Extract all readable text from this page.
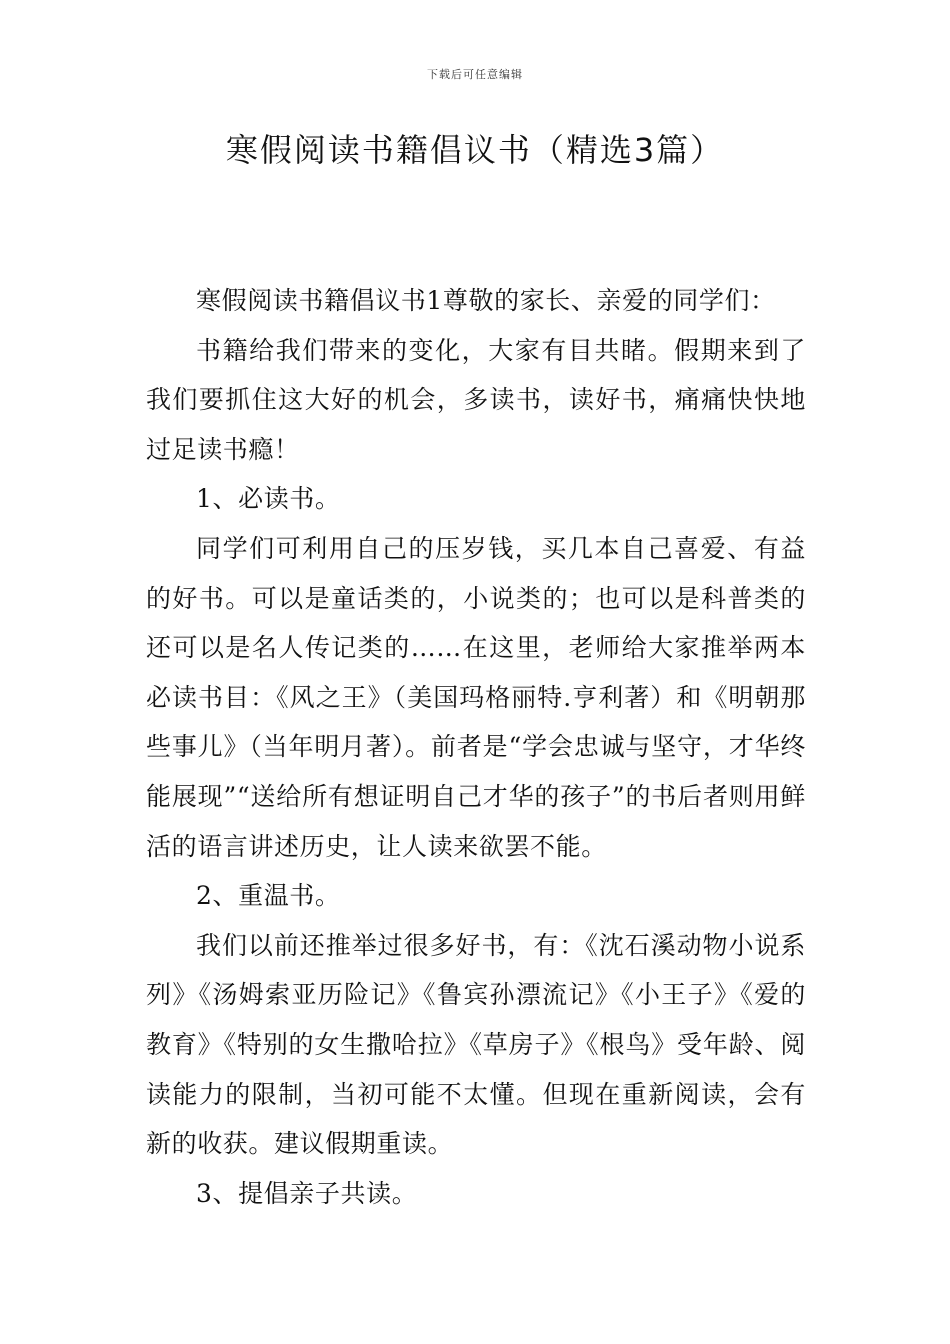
下载后可任意编辑
寒假阅读书籍倡议书（精选3篇）

寒假阅读书籍倡议书1尊敬的家长、亲爱的同学们：

书籍给我们带来的变化，大家有目共睹。假期来到了我们要抓住这大好的机会，多读书，读好书，痛痛快快地过足读书瘾！

1、必读书。

同学们可利用自己的压岁钱，买几本自己喜爱、有益的好书。可以是童话类的，小说类的；也可以是科普类的还可以是名人传记类的……在这里，老师给大家推举两本必读书目：《风之王》（美国玛格丽特.亨利著）和《明朝那些事儿》（当年明月著）。前者是“学会忠诚与坚守，才华终能展现”“送给所有想证明自己才华的孩子”的书后者则用鲜活的语言讲述历史，让人读来欲罢不能。

2、重温书。

我们以前还推举过很多好书，有：《沈石溪动物小说系列》《汤姆索亚历险记》《鲁宾孙漂流记》《小王子》《爱的教育》《特别的女生撒哈拉》《草房子》《根鸟》受年龄、阅读能力的限制，当初可能不太懂。但现在重新阅读，会有新的收获。建议假期重读。

3、提倡亲子共读。
